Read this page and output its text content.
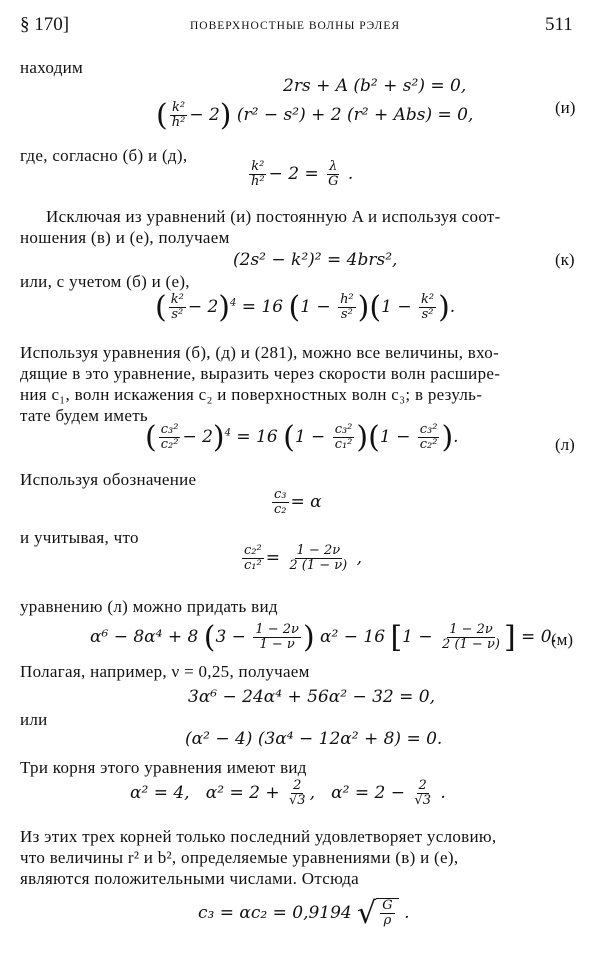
§ 170]	ПОВЕРХНОСТНЫЕ ВОЛНЫ РЭЛЕЯ	511
находим
2rs + A (b² + s²) = 0,
( $\frac{\text{k²}}{\text{h²}} - 2$) (r² − s²) + 2 (r² + Abs) = 0,	(и)
где, согласно (б) и (д),
$\frac{\text{k²}}{\text{h²}} - 2 = \frac{\lambda}{G}$ .
Исключая из уравнений (и) постоянную A и используя соот-
ношения (в) и (е), получаем
(2s² − k²)² = 4brs²,	(к)
или, с учетом (б) и (е),
( $\frac{\text{k²}}{\text{s²}} - 2)^4 = 16$ $(1 - \frac{\text{h²}}{\text{s²}} )(1 - \frac{\text{k²}}{\text{s²}}$ ).
Используя уравнения (б), (д) и (281), можно все величины, вхо-
дящие в это уравнение, выразить через скорости волн расшире-
ния c₁, волн искажения c₂ и поверхностных волн c₃; в резуль-
тате будем иметь
( $\frac{\text{c₃²}}{\text{c₂²}} - 2)^4 = 16$ $(1 - \frac{\text{c₃²}}{\text{c₁²}} )(1 - \frac{\text{c₃²}}{\text{c₂²}}$ ).	(л)
Используя обозначение
$\frac{\text{c₃}}{\text{c₂}} = \alpha$
и учитывая, что
$\frac{\text{c₂²}}{\text{c₁²}} = \frac{1 - 2\nu}{2 (1 - \nu)}$ ,
уравнению (л) можно придать вид
α⁶ − 8α⁴ + 8 ($3 - \frac{1 - 2\nu}{1 - \nu}$ ) α² − 16 [$1 - \frac{1 - 2\nu}{2 (1 - \nu)}$ ] = 0.
(м)
Полагая, например, ν = 0,25, получаем
3α⁶ − 24α⁴ + 56α² − 32 = 0,
или
(α² − 4) (3α⁴ − 12α² + 8) = 0.
Три корня этого уравнения имеют вид
α² = 4,   $\alpha^2 = 2 + \frac{2}{√3}$ ,   $\alpha^2 = 2 - \frac{2}{√3}$ .
Из этих трех корней только последний удовлетворяет условию,
что величины r² и b², определяемые уравнениями (в) и (е),
являются положительными числами. Отсюда
c₃ = αc₂ = 0,9194 √ $\frac{G}{\rho}$ .
